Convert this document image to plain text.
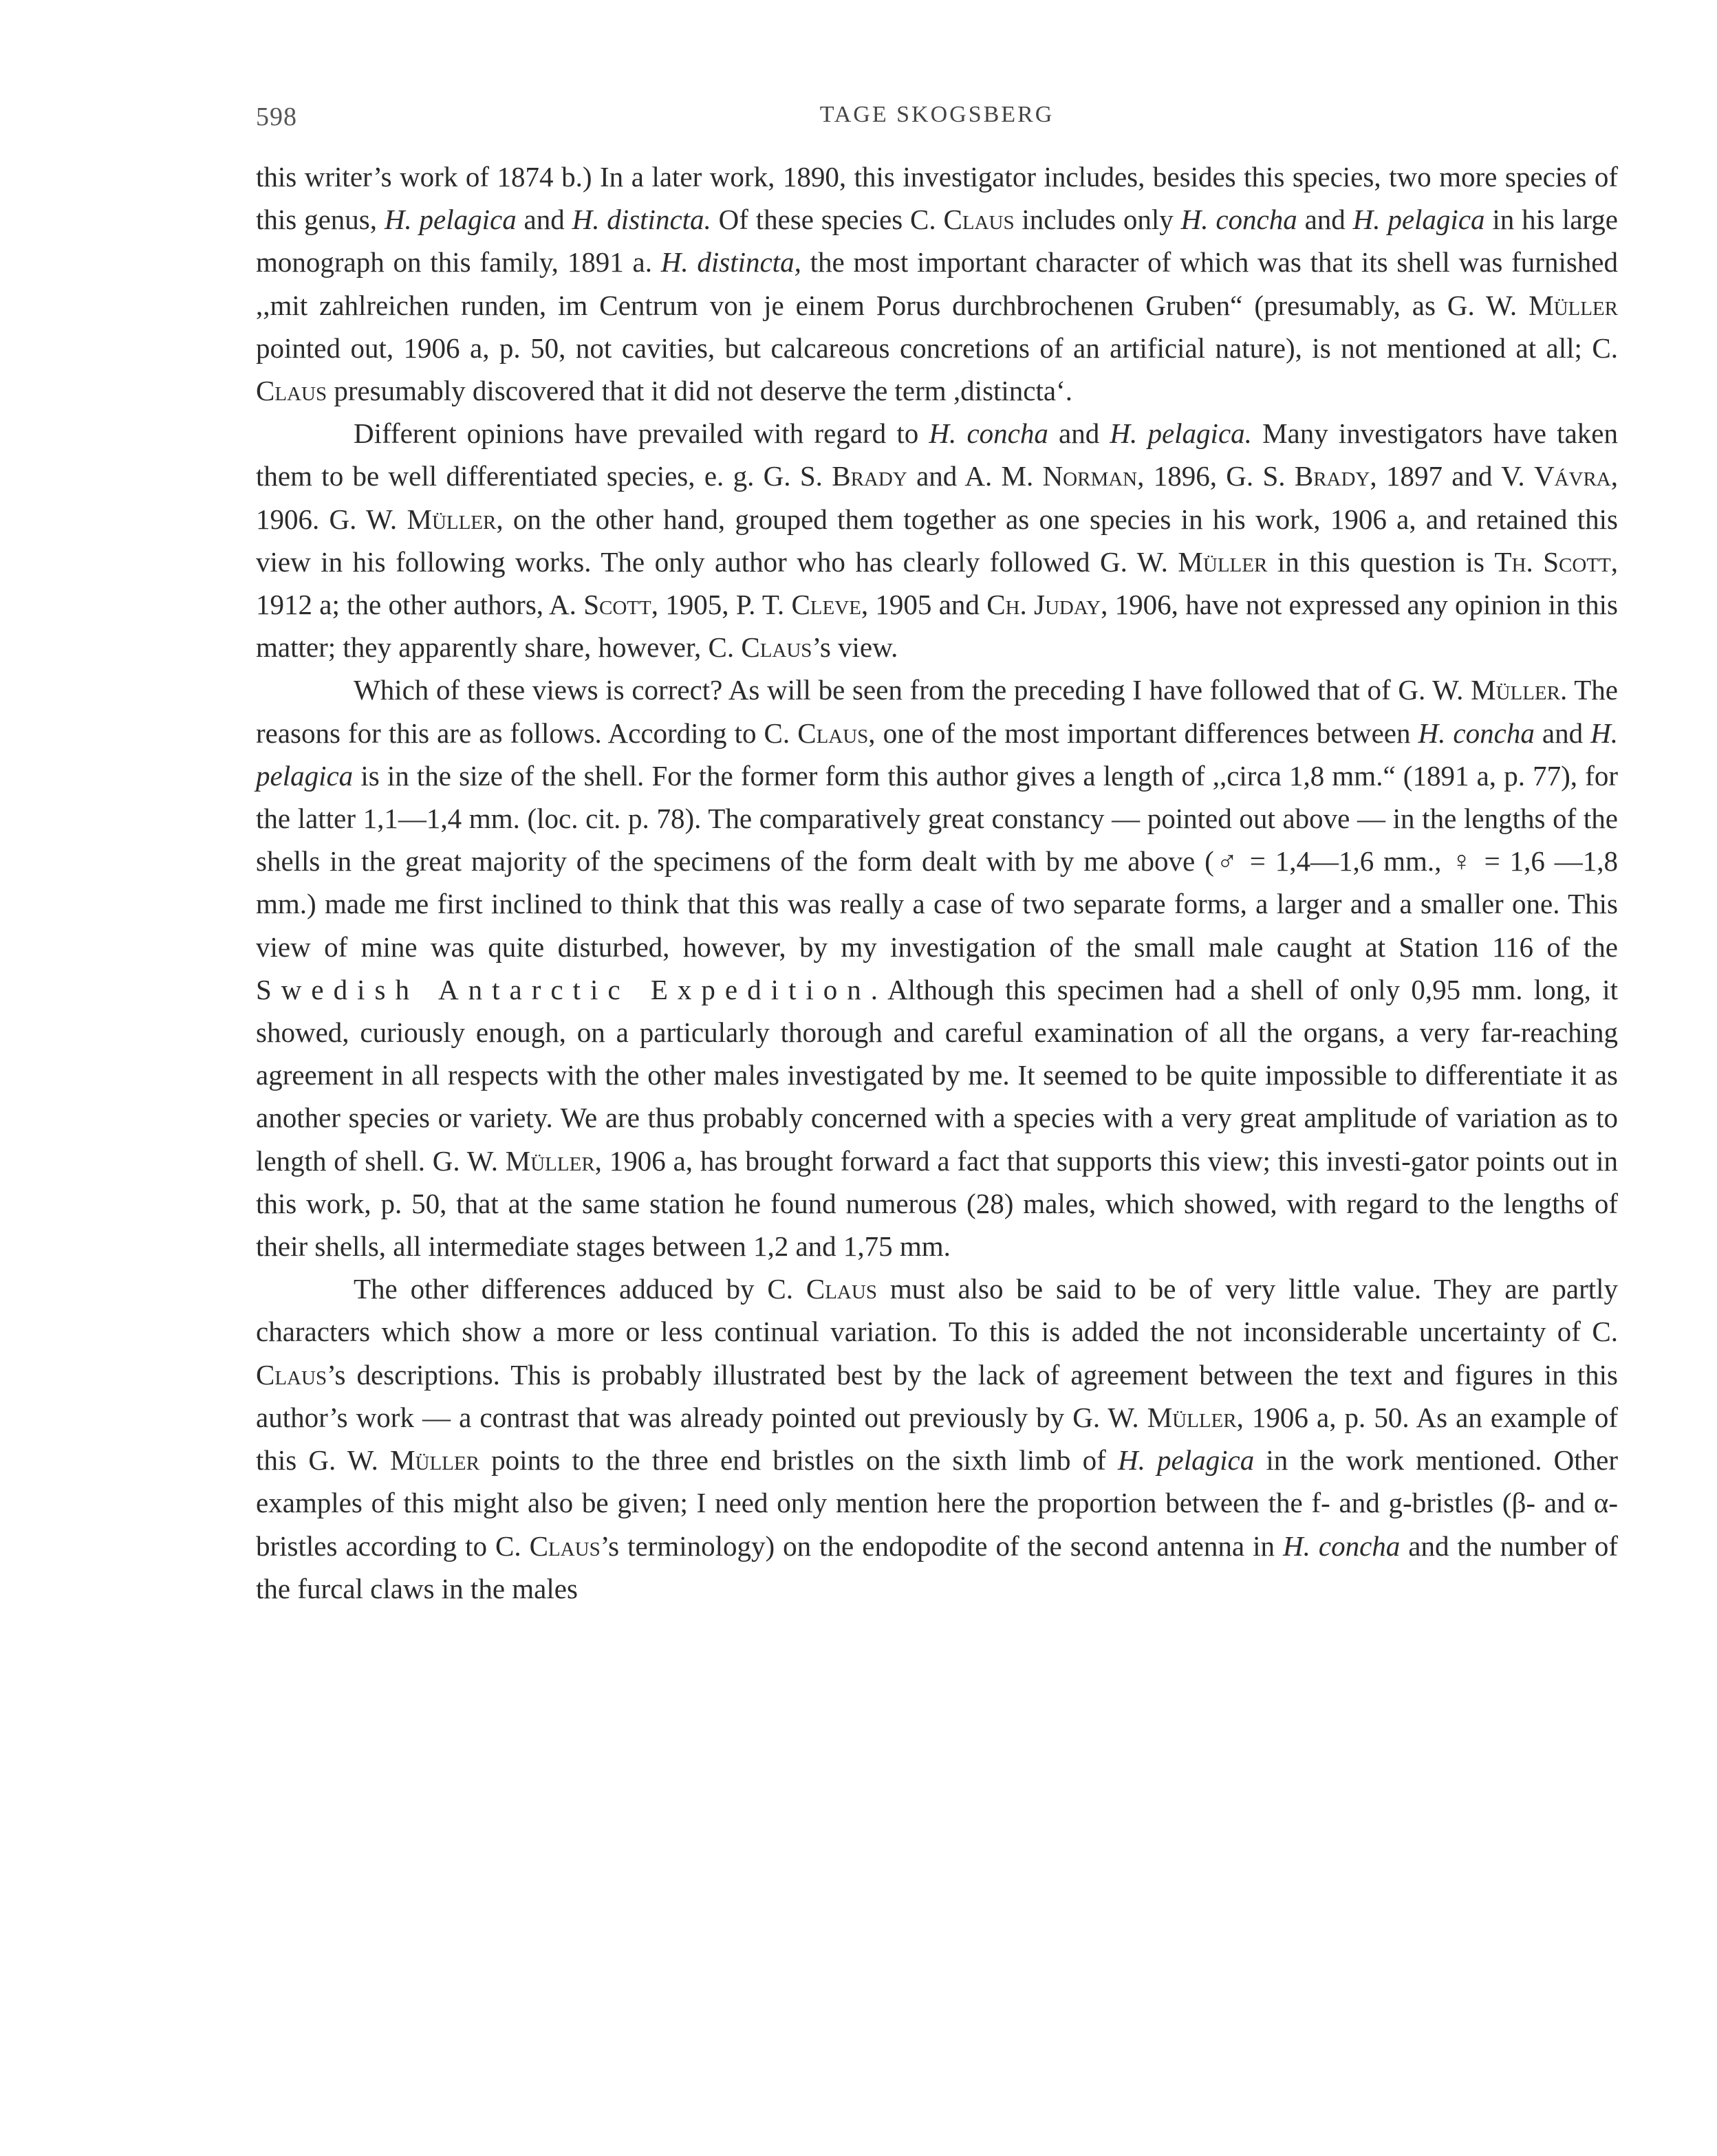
598	TAGE SKOGSBERG

this writer’s work of 1874 b.) In a later work, 1890, this investigator includes, besides this species, two more species of this genus, H. pelagica and H. distincta. Of these species C. Claus includes only H. concha and H. pelagica in his large monograph on this family, 1891 a. H. distincta, the most important character of which was that its shell was furnished ,,mit zahlreichen runden, im Centrum von je einem Porus durchbrochenen Gruben“ (presumably, as G. W. Müller pointed out, 1906 a, p. 50, not cavities, but calcareous concretions of an artificial nature), is not mentioned at all; C. Claus presumably discovered that it did not deserve the term ,distincta‘.

Different opinions have prevailed with regard to H. concha and H. pelagica. Many investigators have taken them to be well differentiated species, e. g. G. S. Brady and A. M. Norman, 1896, G. S. Brady, 1897 and V. Vávra, 1906. G. W. Müller, on the other hand, grouped them together as one species in his work, 1906 a, and retained this view in his following works. The only author who has clearly followed G. W. Müller in this question is Th. Scott, 1912 a; the other authors, A. Scott, 1905, P. T. Cleve, 1905 and Ch. Juday, 1906, have not expressed any opinion in this matter; they apparently share, however, C. Claus’s view.

Which of these views is correct? As will be seen from the preceding I have followed that of G. W. Müller. The reasons for this are as follows. According to C. Claus, one of the most important differences between H. concha and H. pelagica is in the size of the shell. For the former form this author gives a length of ,,circa 1,8 mm.“ (1891 a, p. 77), for the latter 1,1—1,4 mm. (loc. cit. p. 78). The comparatively great constancy — pointed out above — in the lengths of the shells in the great majority of the specimens of the form dealt with by me above (♂ = 1,4—1,6 mm., ♀ = 1,6 —1,8 mm.) made me first inclined to think that this was really a case of two separate forms, a larger and a smaller one. This view of mine was quite disturbed, however, by my investigation of the small male caught at Station 116 of the Swedish Antarctic Expedition. Although this specimen had a shell of only 0,95 mm. long, it showed, curiously enough, on a particularly thorough and careful examination of all the organs, a very far-reaching agreement in all respects with the other males investigated by me. It seemed to be quite impossible to differentiate it as another species or variety. We are thus probably concerned with a species with a very great amplitude of variation as to length of shell. G. W. Müller, 1906 a, has brought forward a fact that supports this view; this investi-gator points out in this work, p. 50, that at the same station he found numerous (28) males, which showed, with regard to the lengths of their shells, all intermediate stages between 1,2 and 1,75 mm.

The other differences adduced by C. Claus must also be said to be of very little value. They are partly characters which show a more or less continual variation. To this is added the not inconsiderable uncertainty of C. Claus’s descriptions. This is probably illustrated best by the lack of agreement between the text and figures in this author’s work — a contrast that was already pointed out previously by G. W. Müller, 1906 a, p. 50. As an example of this G. W. Müller points to the three end bristles on the sixth limb of H. pelagica in the work mentioned. Other examples of this might also be given; I need only mention here the proportion between the f- and g-bristles (β- and α-bristles according to C. Claus’s terminology) on the endopodite of the second antenna in H. concha and the number of the furcal claws in the males
